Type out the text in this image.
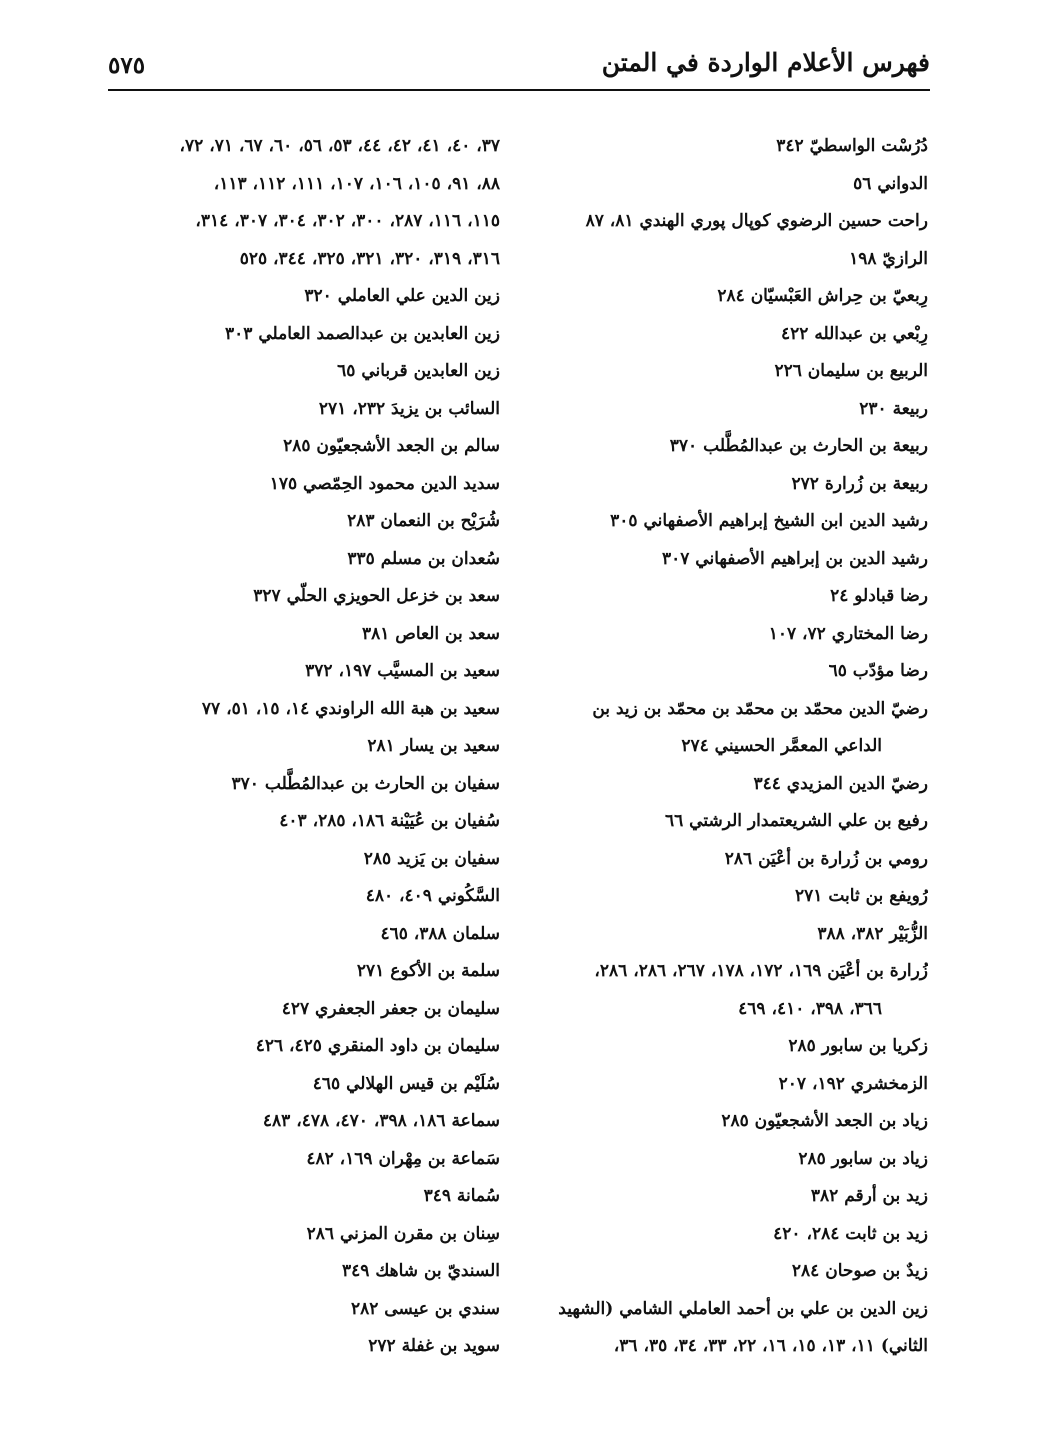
فهرس الأعلام الواردة في المتن
٥٧٥
دُرُسْت الواسطيّ ٣٤٢
الدواني ٥٦
راحت حسين الرضوي كوپال پوري الهندي ٨١، ٨٧
الرازيّ ١٩٨
رِبعيّ بن حِراش العَبْسيّان ٢٨٤
رِبْعي بن عبدالله ٤٢٢
الربيع بن سليمان ٢٢٦
ربيعة ٢٣٠
ربيعة بن الحارث بن عبدالمُطَّلب ٣٧٠
ربيعة بن زُرارة ٢٧٢
رشيد الدين ابن الشيخ إبراهيم الأصفهاني ٣٠٥
رشيد الدين بن إبراهيم الأصفهاني ٣٠٧
رضا قبادلو ٢٤
رضا المختاري ٧٢، ١٠٧
رضا مؤدّب ٦٥
رضيّ الدين محمّد بن محمّد بن محمّد بن زيد بن
الداعي المعمَّر الحسيني ٢٧٤
رضيّ الدين المزيدي ٣٤٤
رفيع بن علي الشريعتمدار الرشتي ٦٦
رومي بن زُرارة بن أعْيَن ٢٨٦
رُويفع بن ثابت ٢٧١
الزُّبَيْر ٣٨٢، ٣٨٨
زُرارة بن أعْيَن ١٦٩، ١٧٢، ١٧٨، ٢٦٧، ٢٨٦، ٢٨٦،
٣٦٦، ٣٩٨، ٤١٠، ٤٦٩
زكريا بن سابور ٢٨٥
الزمخشري ١٩٢، ٢٠٧
زياد بن الجعد الأشجعيّون ٢٨٥
زياد بن سابور ٢٨٥
زيد بن أرقم ٣٨٢
زيد بن ثابت ٢٨٤، ٤٢٠
زيدٌ بن صوحان ٢٨٤
زين الدين بن علي بن أحمد العاملي الشامي (الشهيد
الثاني) ١١، ١٣، ١٥، ١٦، ٢٢، ٣٣، ٣٤، ٣٥، ٣٦،
٣٧، ٤٠، ٤١، ٤٢، ٤٤، ٥٣، ٥٦، ٦٠، ٦٧، ٧١، ٧٢،
٨٨، ٩١، ١٠٥، ١٠٦، ١٠٧، ١١١، ١١٢، ١١٣،
١١٥، ١١٦، ٢٨٧، ٣٠٠، ٣٠٢، ٣٠٤، ٣٠٧، ٣١٤،
٣١٦، ٣١٩، ٣٢٠، ٣٢١، ٣٢٥، ٣٤٤، ٥٢٥
زين الدين علي العاملي ٣٢٠
زين العابدين بن عبدالصمد العاملي ٣٠٣
زين العابدين قرباني ٦٥
السائب بن يزيدَ ٢٣٢، ٢٧١
سالم بن الجعد الأشجعيّون ٢٨٥
سديد الدين محمود الحِمّصي ١٧٥
شُرَيْح بن النعمان ٢٨٣
سُعدان بن مسلم ٣٣٥
سعد بن خزعل الحويزي الحلّي ٣٢٧
سعد بن العاص ٣٨١
سعيد بن المسيَّب ١٩٧، ٣٧٢
سعيد بن هبة الله الراوندي ١٤، ١٥، ٥١، ٧٧
سعيد بن يسار ٢٨١
سفيان بن الحارث بن عبدالمُطَّلب ٣٧٠
سُفيان بن عُيَيْنة ١٨٦، ٢٨٥، ٤٠٣
سفيان بن يَزيد ٢٨٥
السَّكُوني ٤٠٩، ٤٨٠
سلمان ٣٨٨، ٤٦٥
سلمة بن الأكوع ٢٧١
سليمان بن جعفر الجعفري ٤٢٧
سليمان بن داود المنقري ٤٢٥، ٤٢٦
سُلَيْم بن قيس الهلالي ٤٦٥
سماعة ١٨٦، ٣٩٨، ٤٧٠، ٤٧٨، ٤٨٣
سَماعة بن مِهْران ١٦٩، ٤٨٢
سُمانة ٣٤٩
سِنان بن مقرن المزني ٢٨٦
السنديّ بن شاهك ٣٤٩
سندي بن عيسى ٢٨٢
سويد بن غفلة ٢٧٢
